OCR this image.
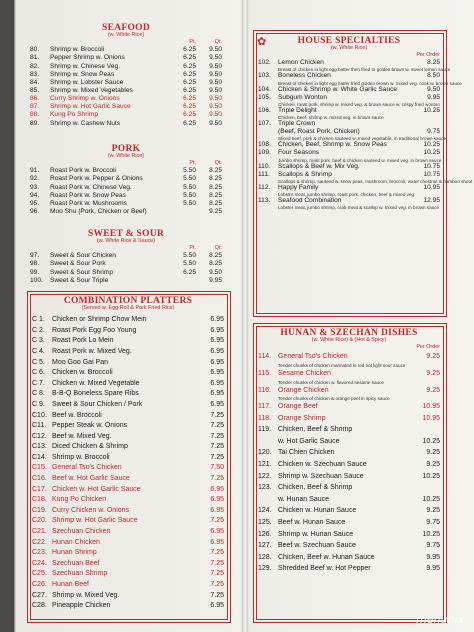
SEAFOOD
(w. White Rice)
Pt.	Qt.
80.	Shrimp w. Broccoli	6.25	9.50
81.	Pepper Shrimp w. Onions	6.25	9.50
82.	Shrimp w. Chinese Veg.	6.25	9.50
83.	Shrimp w. Snow Peas	6.25	9.50
84.	Shrimp w. Lobster Sauce	6.25	9.50
85.	Shrimp w. Mixed Vegetables	6.25	9.50
86.	Curry Shrimp w. Onions	6.25	9.50
87.	Shrimp w. Hot Garlic Sauce	6.25	9.50
88.	Kung Po Shrimp	6.25	9.50
89.	Shrimp w. Cashew Nuts	6.25	9.50
PORK
(w. White Rice)
Pt.	Qt.
91.	Roast Pork w. Broccoli	5.50	8.25
92.	Roast Pork w. Pepper & Onions	5.50	8.25
93.	Roast Pork w. Chinese Veg.	5.50	8.25
94.	Roast Pork w. Snow Peas	5.50	8.25
95.	Roast Pork w. Mushrooms	5.50	8.25
96.	Moo Shu (Pork, Chicken or Beef)	9.25
SWEET & SOUR
(w. White Rice & Sauce)
Pt.	Qt.
97.	Sweet & Sour Chicken	5.50	8.25
98.	Sweet & Sour Pork	5.50	8.25
99.	Sweet & Sour Shrimp	6.25	9.50
100.	Sweet & Sour Triple	9.95
COMBINATION PLATTERS
(Served w. Egg Roll & Pork Fried Rice)
C 1.	Chicken or Shrimp Chow Mein	6.95
C 2.	Roast Pork Egg Foo Young	6.95
C 3.	Roast Pork Lo Mein	6.95
C 4.	Roast Pork w. Mixed Veg.	6.95
C 5.	Moo Goo Gai Pan	6.95
C 6.	Chicken w. Broccoli	6.95
C 7.	Chicken w. Mixed Vegetable	6.95
C 8.	B-B-Q Boneless Spare Ribs	6.95
C 9.	Sweet & Sour Chicken / Pork	6.95
C10. Beef w. Broccoli	7.25
C11. Pepper Steak w. Onions	7.25
C12. Beef w. Mixed Veg.	7.25
C13. Diced Chicken & Shrimp	7.25
C14. Shrimp w. Broccoli	7.25
C15. General Tso's Chicken	7.50
C16. Beef w. Hot Garlic Sauce	7.25
C17. Chicken w. Hot Garlic Sauce	6.95
C18. Kung Po Chicken	6.95
C19. Curry Chicken w. Onions	6.95
C20. Shrimp w. Hot Garlic Sauce	7.25
C21. Szechuan Chicken	6.95
C22. Hunan Chicken	6.95
C23. Hunan Shrimp	7.25
C24. Szechuan Beef	7.25
C25. Szechuan Shrimp	7.25
C26. Hunan Beef	7.25
C27. Shrimp w. Mixed Veg.	7.25
C28. Pineapple Chicken	6.95
✿	HOUSE SPECIALTIES
(w. White Rice)
Per Order
102.	Lemon Chicken	8.25
Breast of chicken in light egg batter then fried to golden brown w. sweet lemon sauce
103.	Boneless Chicken	8.50
Breast of chicken in light egg batter fried golden brown w. mixed veg. cook w. brown sauce
104.	Chicken & Shrimp w. White Garlic Sauce	9.50
105.	Subgum Wonton	9.95
Chicken, roast pork, shrimp w. mixed veg. & brown sauce w. crispy fried wonton
106.	Triple Delight	10.25
Chicken, beef, shrimp w. mixed veg. in brown sauce
107.	Triple Crown
(Beef, Roast Pork, Chicken)	9.75
Sliced beef, pork & chicken sauteed w. mixed vegetable, in traditional brown sauce
108.	Chicken, Beef, Shrimp w. Snow Peas	10.25
109.	Four Seasons	10.25
Jumbo shrimp, roast pork, beef & chicken sauteed w. mixed veg. in brown sauce
110.	Scallops & Beef w. Mix Veg.	10.75
111.	Scallops & Shrimp	10.75
Scallops & shrimp, sauteed w. snow peas, mushroom, broccoli, water chestnut & bamboo shoot
112.	Happy Family	10.95
Lobster meat, jumbo shrimp, roast pork, chicken, beef & mixed veg.
113.	Seafood Combination	12.95
Lobster meat, jumbo shrimp, crab meat & scallop w. mixed veg. in brown sauce
HUNAN & SZECHAN DISHES
(w. White Rice) & (Hot & Spicy)
Per Order
114. General Tso's Chicken	9.25
Tender chunks of chicken marinated in red hot light sour sauce
115. Sesame Chicken	9.25
Tender chunks of chicken w. flavored sesame sauce
116. Orange Chicken	9.25
Tender chunks of chicken & orange peel in spicy sauce
117. Orange Beef	10.95
118. Orange Shrimp	10.95
119. Chicken, Beef & Shrimp
w. Hot Garlic Sauce	10.25
120. Tai Chien Chicken	9.25
121. Chicken w. Szechuan Sauce	9.25
122. Shrimp w. Szechuan Sauce	10.25
123. Chicken, Beef & Shrimp
w. Hunan Sauce	10.25
124. Chicken w. Hunan Sauce	9.25
125. Beef w. Hunan Sauce	9.75
126. Shrimp w. Hunan Sauce	10.25
127. Beef w. Szechuan Sauce	9.75
128. Chicken, Beef w. Hunan Sauce	9.95
129. Shredded Beef w. Hot Pepper	9.95
menupix
